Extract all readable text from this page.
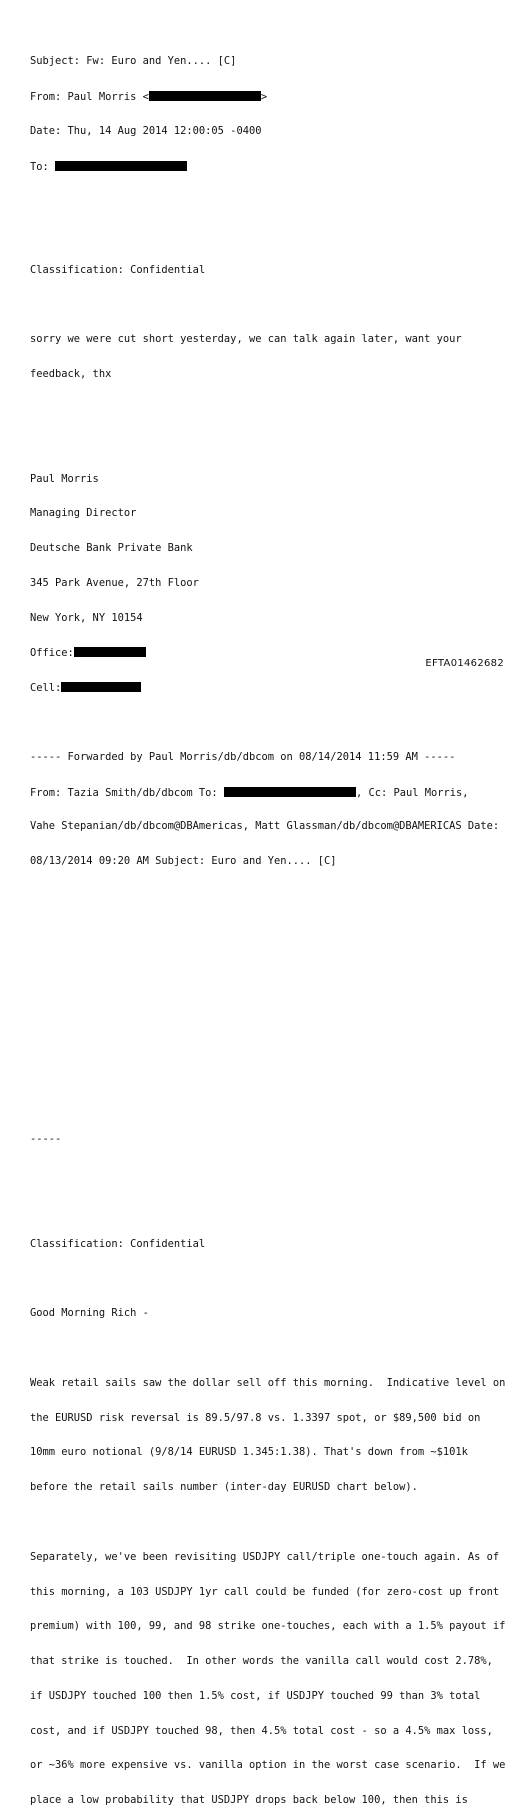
Subject: Fw: Euro and Yen.... [C]

From: Paul Morris <	>

Date: Thu, 14 Aug 2014 12:00:05 -0400

To:

Classification: Confidential

sorry we were cut short yesterday, we can talk again later, want your

feedback, thx

Paul Morris

Managing Director

Deutsche Bank Private Bank

345 Park Avenue, 27th Floor

New York, NY 10154

Office:

Cell:

----- Forwarded by Paul Morris/db/dbcom on 08/14/2014 11:59 AM -----

From: Tazia Smith/db/dbcom To:	, Cc: Paul Morris,

Vahe Stepanian/db/dbcom@DBAmericas, Matt Glassman/db/dbcom@DBAMERICAS Date:

08/13/2014 09:20 AM Subject: Euro and Yen.... [C]

-----

Classification: Confidential

Good Morning Rich -

Weak retail sails saw the dollar sell off this morning.  Indicative level on

the EURUSD risk reversal is 89.5/97.8 vs. 1.3397 spot, or $89,500 bid on

10mm euro notional (9/8/14 EURUSD 1.345:1.38). That's down from ~$101k

before the retail sails number (inter-day EURUSD chart below).

Separately, we've been revisiting USDJPY call/triple one-touch again. As of

this morning, a 103 USDJPY 1yr call could be funded (for zero-cost up front

premium) with 100, 99, and 98 strike one-touches, each with a 1.5% payout if

that strike is touched.  In other words the vanilla call would cost 2.78%,

if USDJPY touched 100 then 1.5% cost, if USDJPY touched 99 than 3% total

cost, and if USDJPY touched 98, then 4.5% total cost - so a 4.5% max loss,

or ~36% more expensive vs. vanilla option in the worst case scenario.  If we

place a low probability that USDJPY drops back below 100, then this is

EFTA01462682
